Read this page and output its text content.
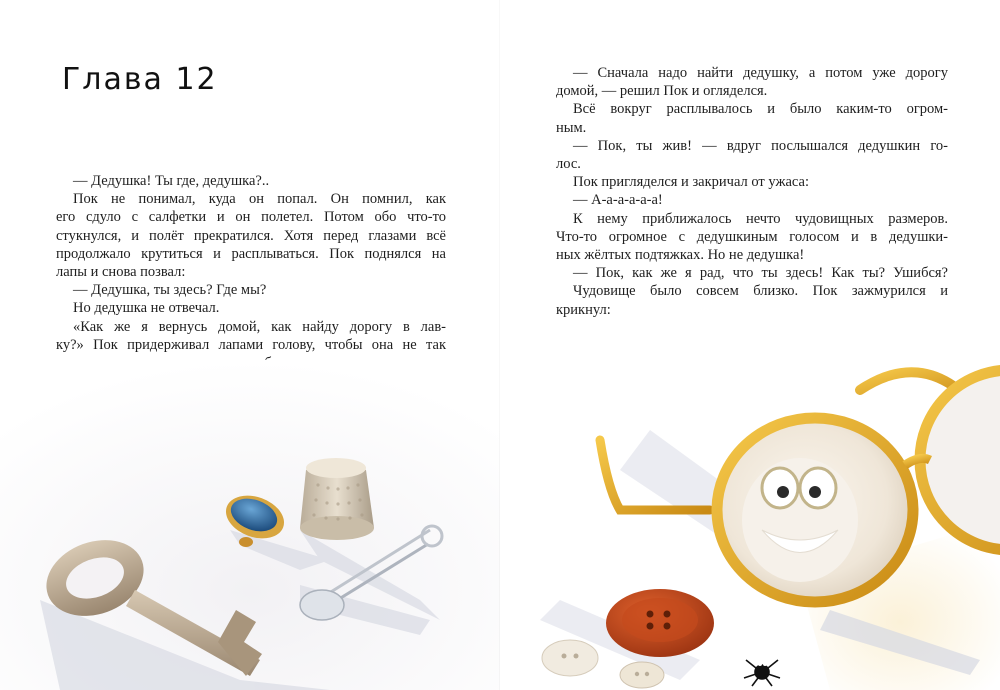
Глава 12
— Дедушка! Ты где, дедушка?..
Пок не понимал, куда он попал. Он помнил, как
его сдуло с салфетки и он полетел. Потом обо что-то
стукнулся, и полёт прекратился. Хотя перед глазами всё
продолжало крутиться и расплываться. Пок поднялся на
лапы и снова позвал:
— Дедушка, ты здесь? Где мы?
Но дедушка не отвечал.
«Как же я вернусь домой, как найду дорогу в лав-
ку?» Пок придерживал лапами голову, чтобы она не так
— Сначала надо найти дедушку, а потом уже дорогу
домой, — решил Пок и огляделся.
Всё вокруг расплывалось и было каким-то огром-
ным.
— Пок, ты жив! — вдруг послышался дедушкин го-
лос.
Пок пригляделся и закричал от ужаса:
— А-а-а-а-а-а!
К нему приближалось нечто чудовищных размеров.
Что-то огромное с дедушкиным голосом и в дедушки-
ных жёлтых подтяжках. Но не дедушка!
— Пок, как же я рад, что ты здесь! Как ты? Ушибся?
Чудовище было совсем близко. Пок зажмурился и
крикнул:
